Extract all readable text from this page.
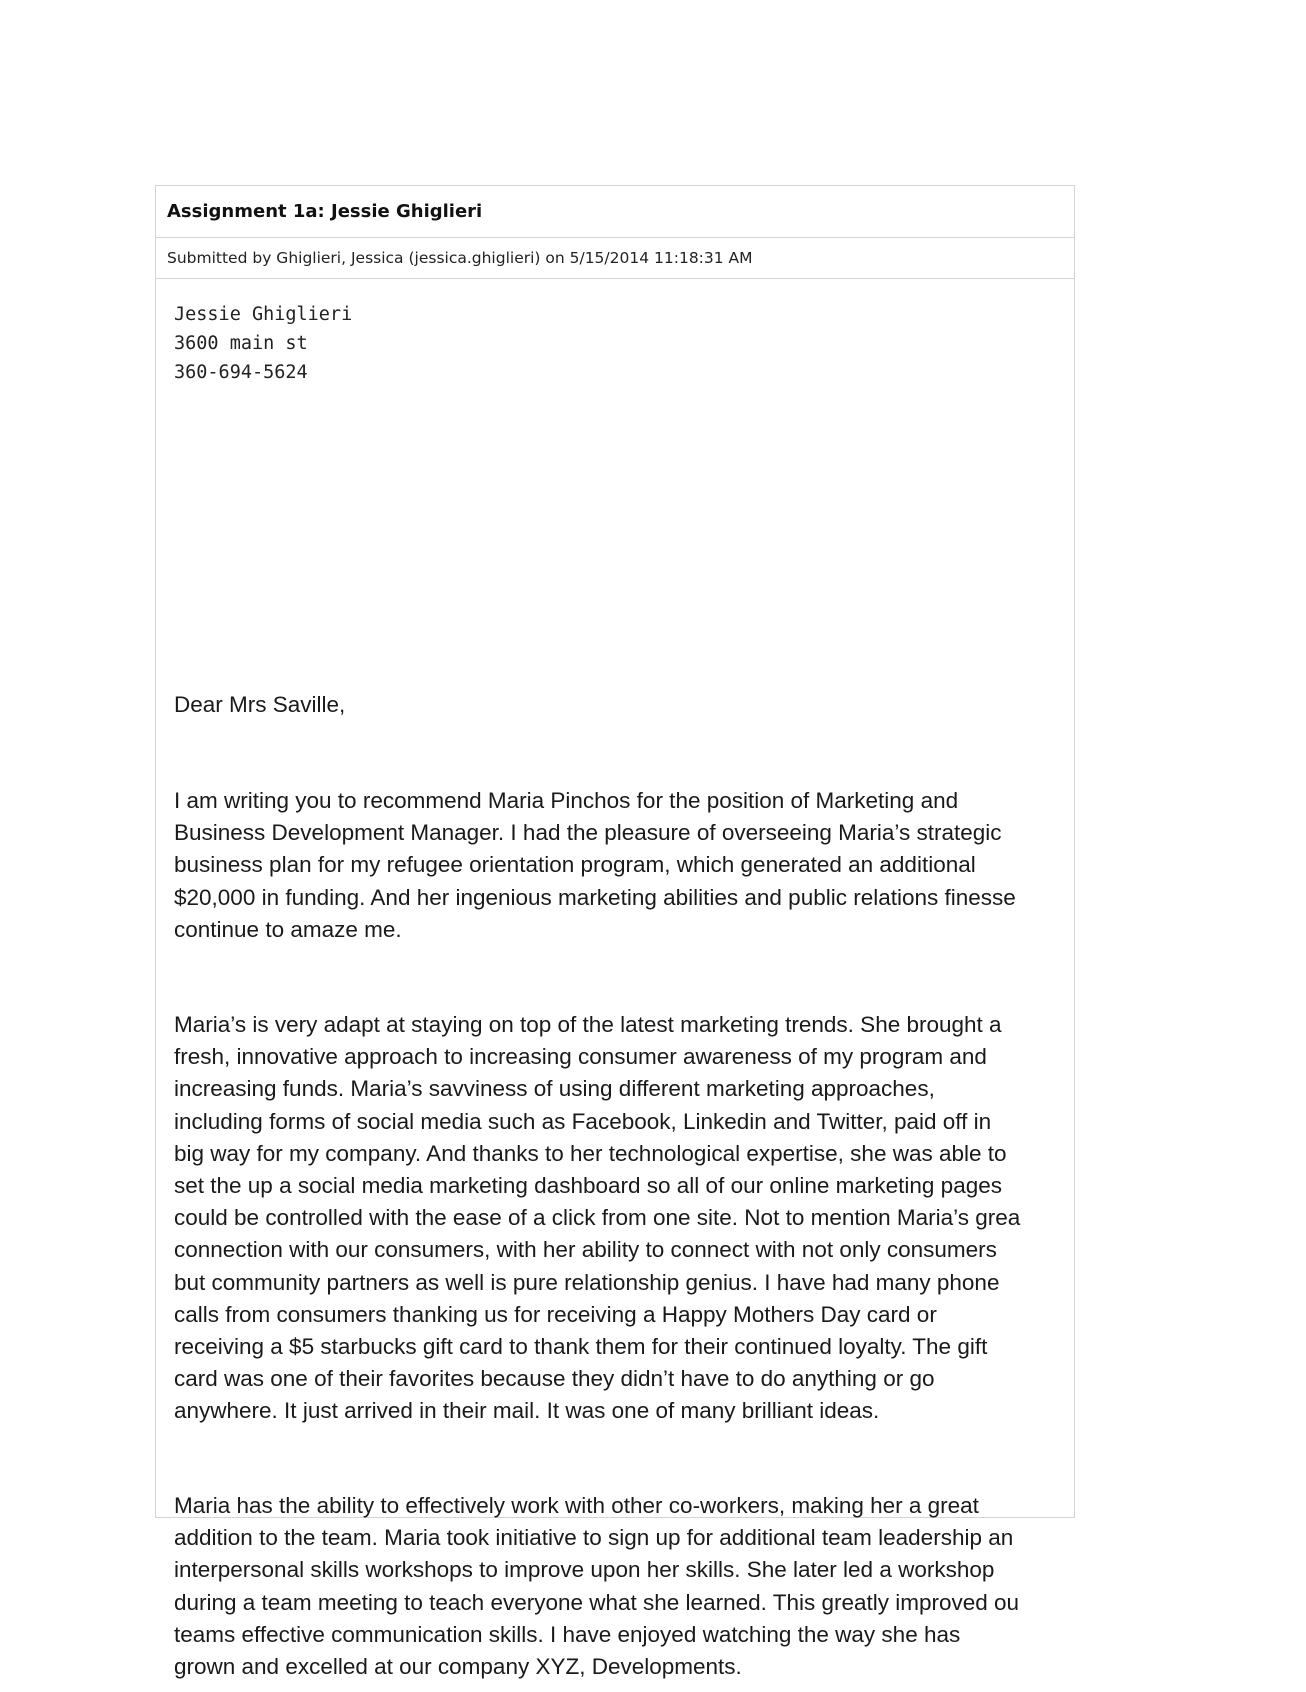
Assignment 1a: Jessie Ghiglieri
Submitted by Ghiglieri, Jessica (jessica.ghiglieri) on 5/15/2014 11:18:31 AM
Jessie Ghiglieri
3600 main st
360-694-5624
Dear Mrs Saville,
I am writing you to recommend Maria Pinchos for the position of Marketing and
Business Development Manager. I had the pleasure of overseeing Maria’s strategic
business plan for my refugee orientation program, which generated an additional
$20,000 in funding. And her ingenious marketing abilities and public relations finesse
continue to amaze me.
Maria’s is very adapt at staying on top of the latest marketing trends. She brought a
fresh, innovative approach to increasing consumer awareness of my program and
increasing funds. Maria’s savviness of using different marketing approaches,
including forms of social media such as Facebook, Linkedin and Twitter, paid off in
big way for my company. And thanks to her technological expertise, she was able to
set the up a social media marketing dashboard so all of our online marketing pages
could be controlled with the ease of a click from one site. Not to mention Maria’s grea
connection with our consumers, with her ability to connect with not only consumers
but community partners as well is pure relationship genius. I have had many phone
calls from consumers thanking us for receiving a Happy Mothers Day card or
receiving a $5 starbucks gift card to thank them for their continued loyalty. The gift
card was one of their favorites because they didn’t have to do anything or go
anywhere. It just arrived in their mail. It was one of many brilliant ideas.
Maria has the ability to effectively work with other co-workers, making her a great
addition to the team. Maria took initiative to sign up for additional team leadership an
interpersonal skills workshops to improve upon her skills. She later led a workshop
during a team meeting to teach everyone what she learned. This greatly improved ou
teams effective communication skills. I have enjoyed watching the way she has
grown and excelled at our company XYZ, Developments.
